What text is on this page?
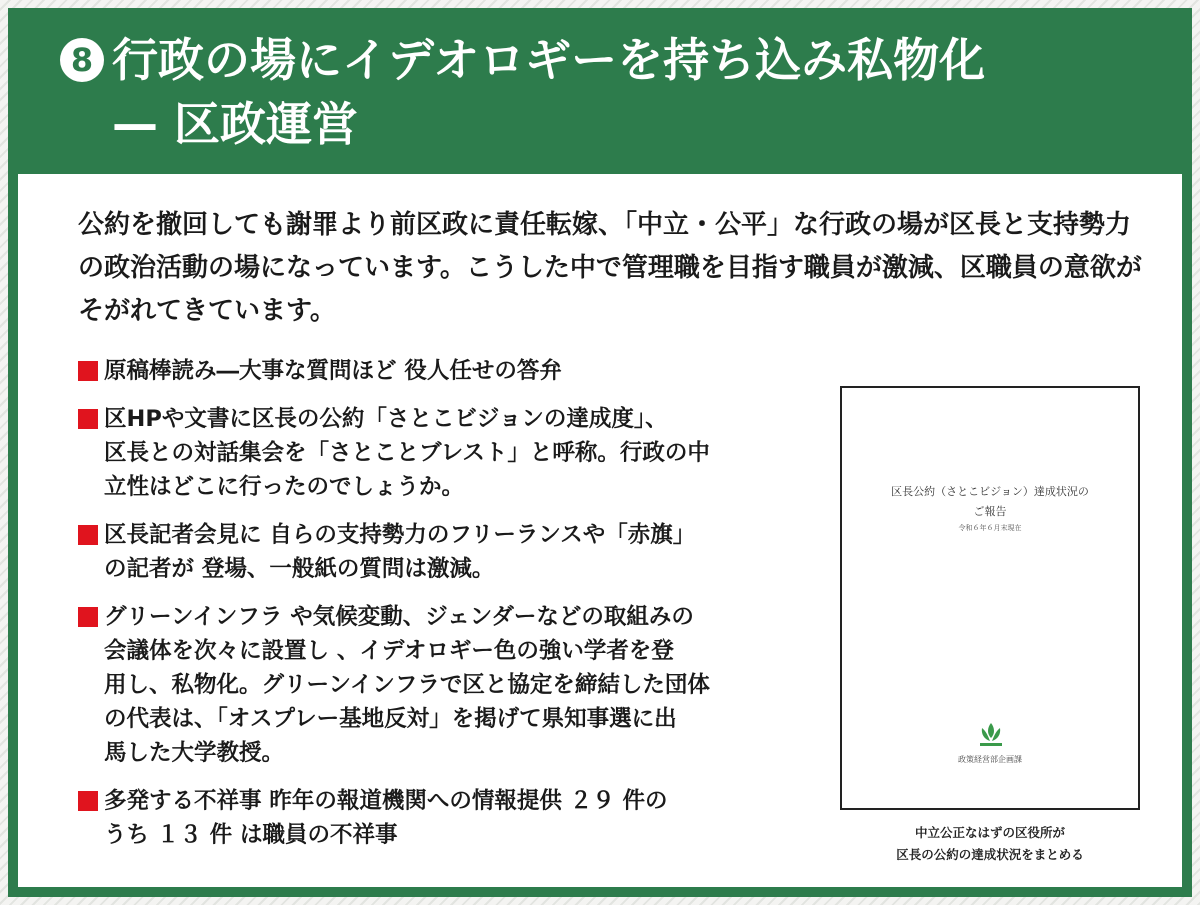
8 行政の場にイデオロギーを持ち込み私物化
— 区政運営
公約を撤回しても謝罪より前区政に責任転嫁、「中立・公平」な行政の場が区長と支持勢力の政治活動の場になっています。こうした中で管理職を目指す職員が激減、区職員の意欲がそがれてきています。
原稿棒読み―大事な質問ほど 役人任せの答弁
区HPや文書に区長の公約「さとこビジョンの達成度」、
区長との対話集会を「さとことブレスト」と呼称。行政の中
立性はどこに行ったのでしょうか。
区長記者会見に 自らの支持勢力のフリーランスや「赤旗」
の記者が 登場、一般紙の質問は激減。
グリーンインフラ や気候変動、ジェンダーなどの取組みの
会議体を次々に設置し 、イデオロギー色の強い学者を登
用し、私物化。グリーンインフラで区と協定を締結した団体
の代表は、「オスプレー基地反対」を掲げて県知事選に出
馬した大学教授。
多発する不祥事 昨年の報道機関への情報提供 ２９ 件の
うち １３ 件 は職員の不祥事
区長公約（さとこビジョン）達成状況の
ご報告
令和６年６月末現在
政策経営部企画課
中立公正なはずの区役所が
区長の公約の達成状況をまとめる
